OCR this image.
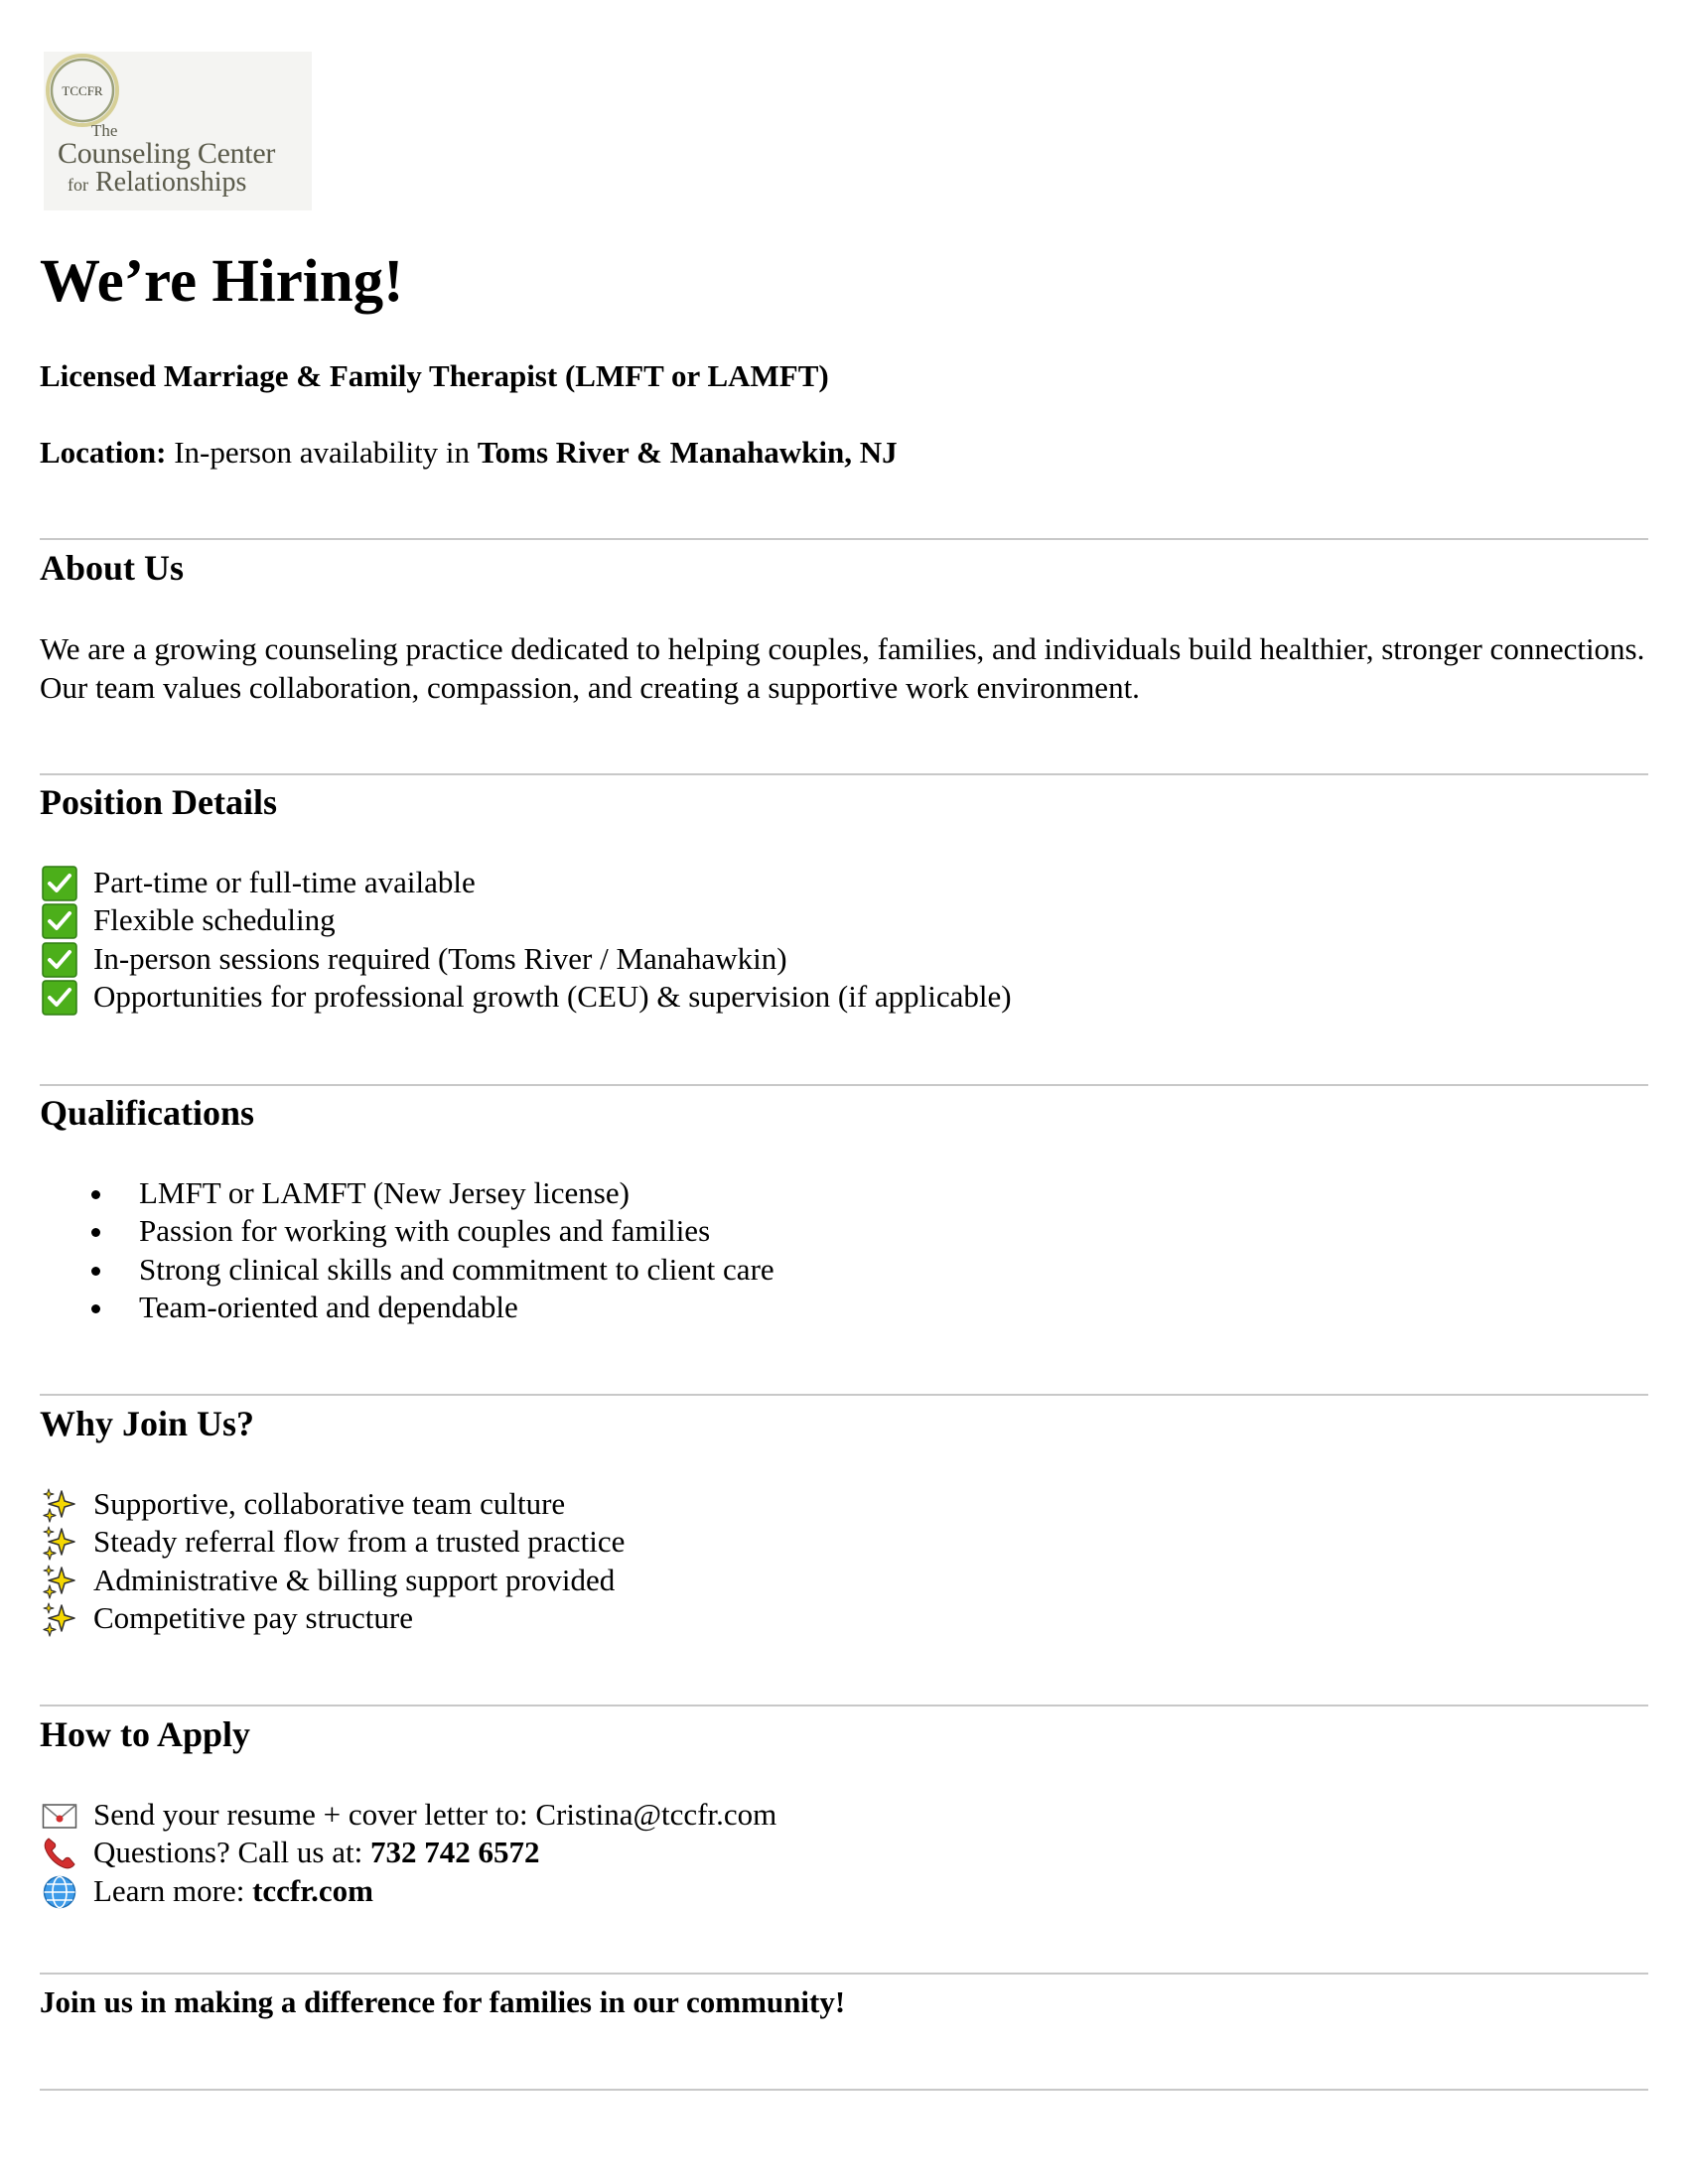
TCCFR
The
Counseling Center
for Relationships
We’re Hiring!
Licensed Marriage & Family Therapist (LMFT or LAMFT)
Location: In-person availability in Toms River & Manahawkin, NJ
About Us
We are a growing counseling practice dedicated to helping couples, families, and individuals build healthier, stronger connections. Our team values collaboration, compassion, and creating a supportive work environment.
Position Details
Part-time or full-time available
Flexible scheduling
In-person sessions required (Toms River / Manahawkin)
Opportunities for professional growth (CEU) & supervision (if applicable)
Qualifications
LMFT or LAMFT (New Jersey license)
Passion for working with couples and families
Strong clinical skills and commitment to client care
Team-oriented and dependable
Why Join Us?
Supportive, collaborative team culture
Steady referral flow from a trusted practice
Administrative & billing support provided
Competitive pay structure
How to Apply
Send your resume + cover letter to: Cristina@tccfr.com
Questions? Call us at: 732 742 6572
Learn more: tccfr.com
Join us in making a difference for families in our community!
